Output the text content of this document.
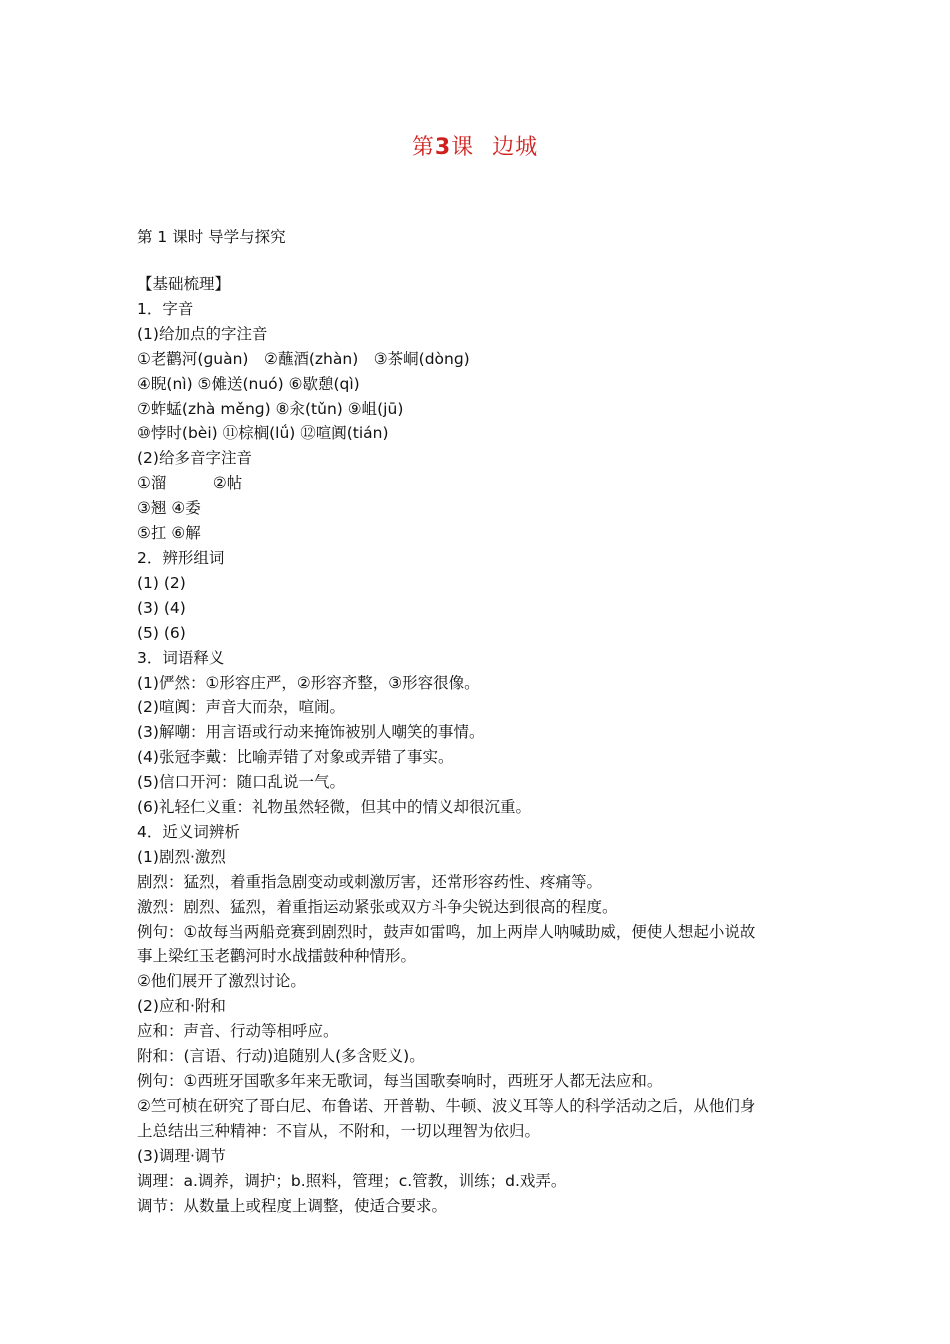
第3课 边城
第 1 课时 导学与探究
【基础梳理】
1．字音
(1)给加点的字注音
①老鹳河(ɡuàn)　②蘸酒(zhàn)　③茶峒(dònɡ)
④睨(nì) ⑤傩送(nuó) ⑥歇憩(qì)
⑦蚱蜢(zhà měnɡ) ⑧汆(tǔn) ⑨岨(jū)
⑩悖时(bèi) ⑪棕榈(lǘ) ⑫喧阗(tián)
(2)给多音字注音
①溜　　　②帖
③翘 ④委
⑤扛 ⑥解
2．辨形组词
(1) (2)
(3) (4)
(5) (6)
3．词语释义
(1)俨然：①形容庄严，②形容齐整，③形容很像。
(2)喧阗：声音大而杂，喧闹。
(3)解嘲：用言语或行动来掩饰被别人嘲笑的事情。
(4)张冠李戴：比喻弄错了对象或弄错了事实。
(5)信口开河：随口乱说一气。
(6)礼轻仁义重：礼物虽然轻微，但其中的情义却很沉重。
4．近义词辨析
(1)剧烈·激烈
剧烈：猛烈，着重指急剧变动或刺激厉害，还常形容药性、疼痛等。
激烈：剧烈、猛烈，着重指运动紧张或双方斗争尖锐达到很高的程度。
例句：①故每当两船竞赛到剧烈时，鼓声如雷鸣，加上两岸人呐喊助威，便使人想起小说故
事上梁红玉老鹳河时水战擂鼓种种情形。
②他们展开了激烈讨论。
(2)应和·附和
应和：声音、行动等相呼应。
附和：(言语、行动)追随别人(多含贬义)。
例句：①西班牙国歌多年来无歌词，每当国歌奏响时，西班牙人都无法应和。
②竺可桢在研究了哥白尼、布鲁诺、开普勒、牛顿、波义耳等人的科学活动之后，从他们身
上总结出三种精神：不盲从，不附和，一切以理智为依归。
(3)调理·调节
调理：a.调养，调护；b.照料，管理；c.管教，训练；d.戏弄。
调节：从数量上或程度上调整，使适合要求。
